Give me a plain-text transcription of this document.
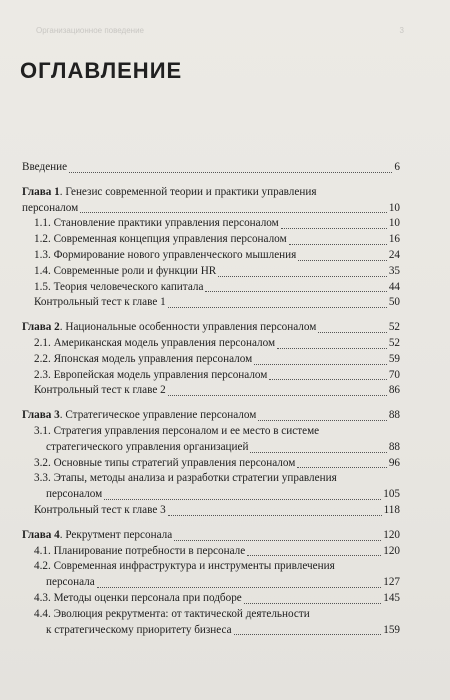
Организационное поведение	3
ОГЛАВЛЕНИЕ
Введение	6
Глава 1. Генезис современной теории и практики управления
персоналом	10
1.1. Становление практики управления персоналом	10
1.2. Современная концепция управления персоналом	16
1.3. Формирование нового управленческого мышления	24
1.4. Современные роли и функции HR	35
1.5. Теория человеческого капитала	44
Контрольный тест к главе 1	50
Глава 2. Национальные особенности управления персоналом	52
2.1. Американская модель управления персоналом	52
2.2. Японская модель управления персоналом	59
2.3. Европейская модель управления персоналом	70
Контрольный тест к главе 2	86
Глава 3. Стратегическое управление персоналом	88
3.1. Стратегия управления персоналом и ее место в системе
стратегического управления организацией	88
3.2. Основные типы стратегий управления персоналом	96
3.3. Этапы, методы анализа и разработки стратегии управления
персоналом	105
Контрольный тест к главе 3	118
Глава 4. Рекрутмент персонала	120
4.1. Планирование потребности в персонале	120
4.2. Современная инфраструктура и инструменты привлечения
персонала	127
4.3. Методы оценки персонала при подборе	145
4.4. Эволюция рекрутмента: от тактической деятельности
к стратегическому приоритету бизнеса	159
